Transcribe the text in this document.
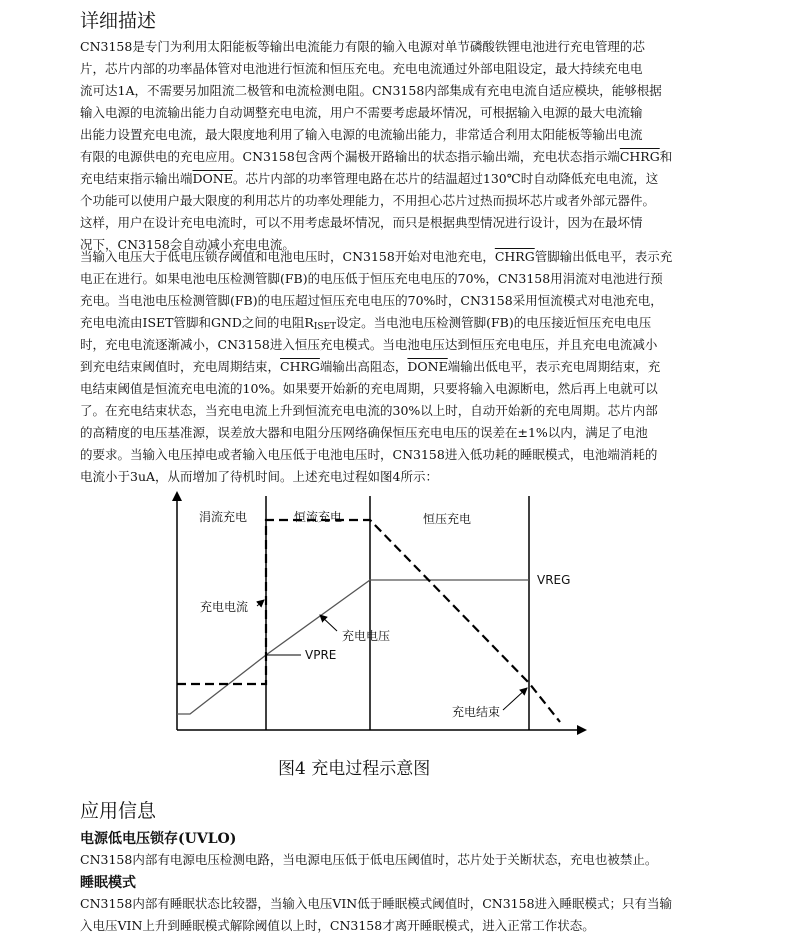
详细描述
CN3158是专门为利用太阳能板等输出电流能力有限的输入电源对单节磷酸铁锂电池进行充电管理的芯
片，芯片内部的功率晶体管对电池进行恒流和恒压充电。充电电流通过外部电阻设定，最大持续充电电
流可达1A，不需要另加阻流二极管和电流检测电阻。CN3158内部集成有充电电流自适应模块，能够根据
输入电源的电流输出能力自动调整充电电流，用户不需要考虑最坏情况，可根据输入电源的最大电流输
出能力设置充电电流，最大限度地利用了输入电源的电流输出能力，非常适合利用太阳能板等输出电流
有限的电源供电的充电应用。CN3158包含两个漏极开路输出的状态指示输出端，充电状态指示端CHRG和
充电结束指示输出端DONE。芯片内部的功率管理电路在芯片的结温超过130℃时自动降低充电电流，这
个功能可以使用户最大限度的利用芯片的功率处理能力，不用担心芯片过热而损坏芯片或者外部元器件。
这样，用户在设计充电电流时，可以不用考虑最坏情况，而只是根据典型情况进行设计，因为在最坏情
况下，CN3158会自动减小充电电流。
当输入电压大于低电压锁存阈值和电池电压时，CN3158开始对电池充电，CHRG管脚输出低电平，表示充
电正在进行。如果电池电压检测管脚(FB)的电压低于恒压充电电压的70%，CN3158用涓流对电池进行预
充电。当电池电压检测管脚(FB)的电压超过恒压充电电压的70%时，CN3158采用恒流模式对电池充电，
充电电流由ISET管脚和GND之间的电阻$R_{ISET}$设定。当电池电压检测管脚(FB)的电压接近恒压充电电压
时，充电电流逐渐减小，CN3158进入恒压充电模式。当电池电压达到恒压充电电压，并且充电电流减小
到充电结束阈值时，充电周期结束，CHRG端输出高阻态，DONE端输出低电平，表示充电周期结束，充
电结束阈值是恒流充电电流的10%。如果要开始新的充电周期，只要将输入电源断电，然后再上电就可以
了。在充电结束状态，当充电电流上升到恒流充电电流的30%以上时，自动开始新的充电周期。芯片内部
的高精度的电压基准源，误差放大器和电阻分压网络确保恒压充电电压的误差在±1%以内，满足了电池
的要求。当输入电压掉电或者输入电压低于电池电压时，CN3158进入低功耗的睡眠模式，电池端消耗的
电流小于3uA，从而增加了待机时间。上述充电过程如图4所示：
涓流充电	恒流充电	恒压充电
VREG
VPRE
充电电流
充电电压
充电结束
图4 充电过程示意图
应用信息
电源低电压锁存(UVLO)
CN3158内部有电源电压检测电路，当电源电压低于低电压阈值时，芯片处于关断状态，充电也被禁止。
睡眠模式
CN3158内部有睡眠状态比较器，当输入电压VIN低于睡眠模式阈值时，CN3158进入睡眠模式；只有当输
入电压VIN上升到睡眠模式解除阈值以上时，CN3158才离开睡眠模式，进入正常工作状态。
